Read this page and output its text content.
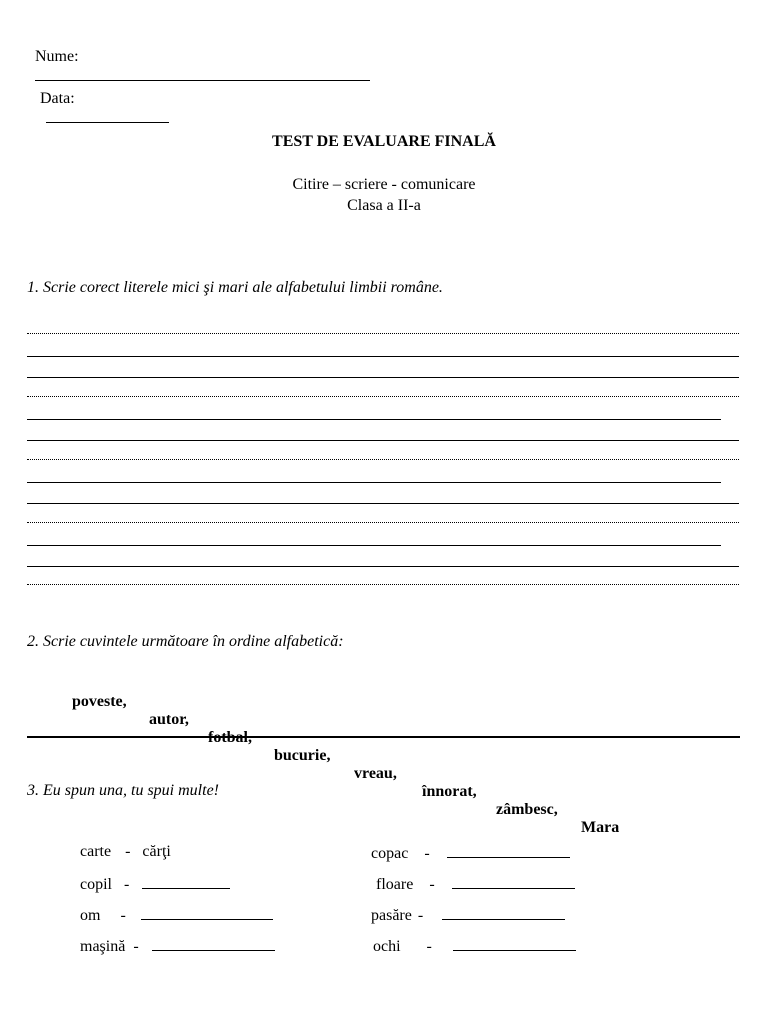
Nume:

Data:

TEST DE EVALUARE FINALĂ
Citire – scriere - comunicare
Clasa a II-a
1. Scrie corect literele mici şi mari ale alfabetului limbii române.
2. Scrie cuvintele următoare în ordine alfabetică:

poveste,

autor,

fotbal,

bucurie,

vreau,

înnorat,

zâmbesc,

Mara

3. Eu spun una, tu spui multe!

carte - cărţi

copil -

om -

maşină -

copac -

floare -

pasăre -

ochi -
